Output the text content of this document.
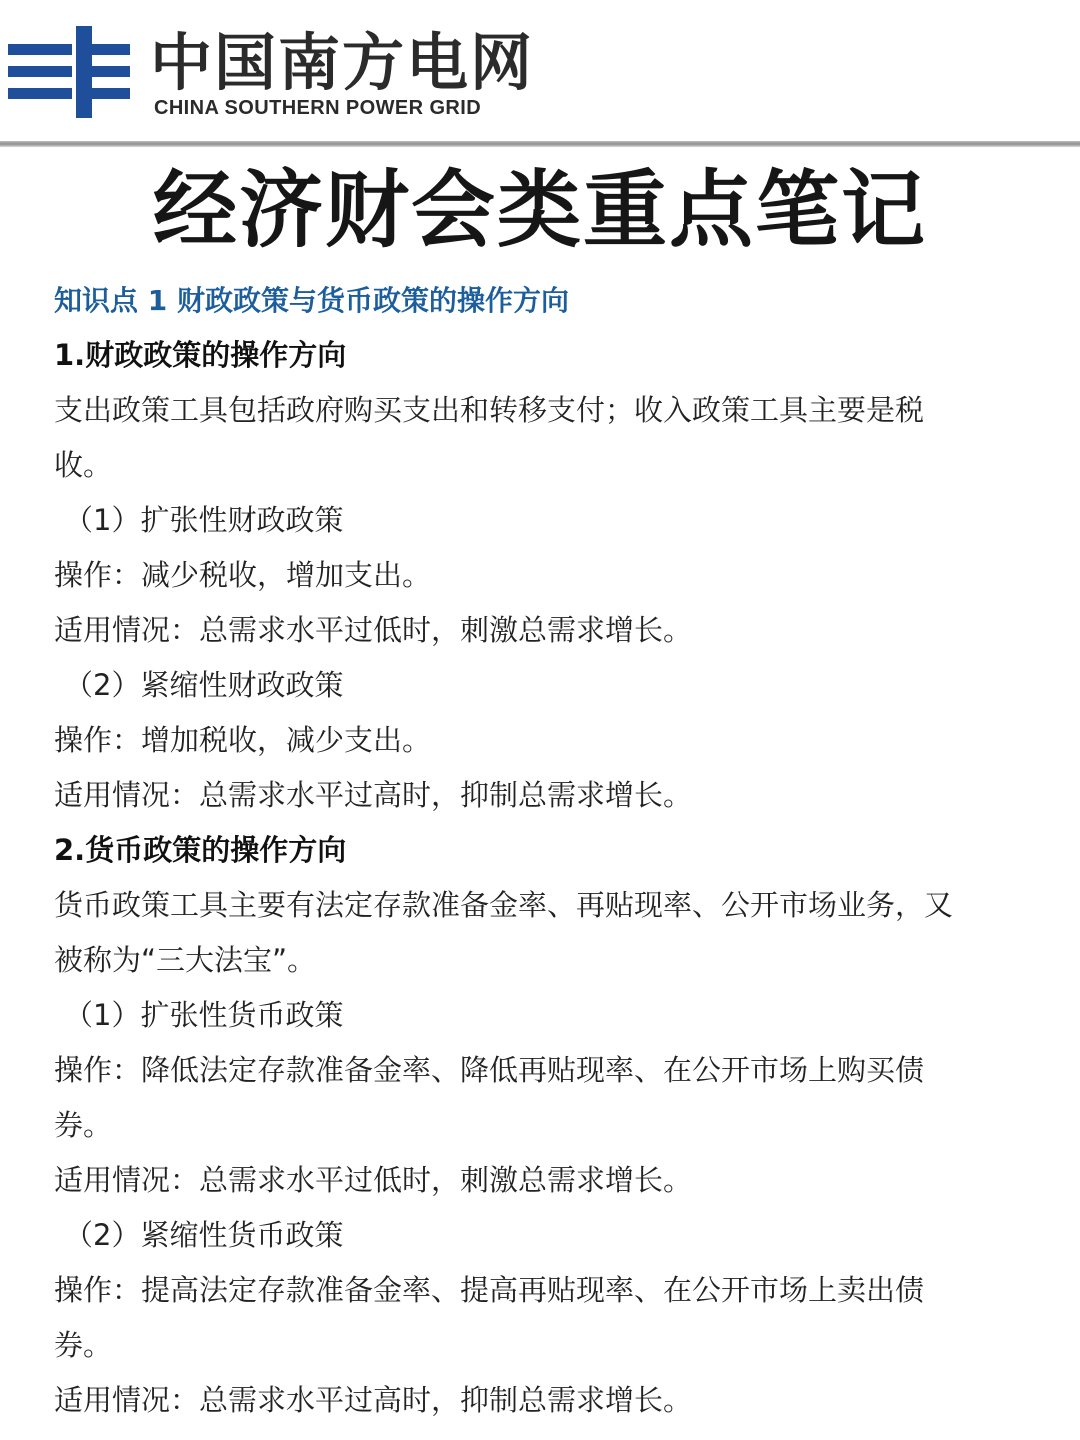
中国南方电网
CHINA SOUTHERN POWER GRID
经济财会类重点笔记

知识点 1 财政政策与货币政策的操作方向

1.财政政策的操作方向

支出政策工具包括政府购买支出和转移支付；收入政策工具主要是税

收。

（1）扩张性财政政策

操作：减少税收，增加支出。

适用情况：总需求水平过低时，刺激总需求增长。

（2）紧缩性财政政策

操作：增加税收，减少支出。

适用情况：总需求水平过高时，抑制总需求增长。

2.货币政策的操作方向

货币政策工具主要有法定存款准备金率、再贴现率、公开市场业务，又

被称为“三大法宝”。

（1）扩张性货币政策

操作：降低法定存款准备金率、降低再贴现率、在公开市场上购买债

券。

适用情况：总需求水平过低时，刺激总需求增长。

（2）紧缩性货币政策

操作：提高法定存款准备金率、提高再贴现率、在公开市场上卖出债

券。

适用情况：总需求水平过高时，抑制总需求增长。
